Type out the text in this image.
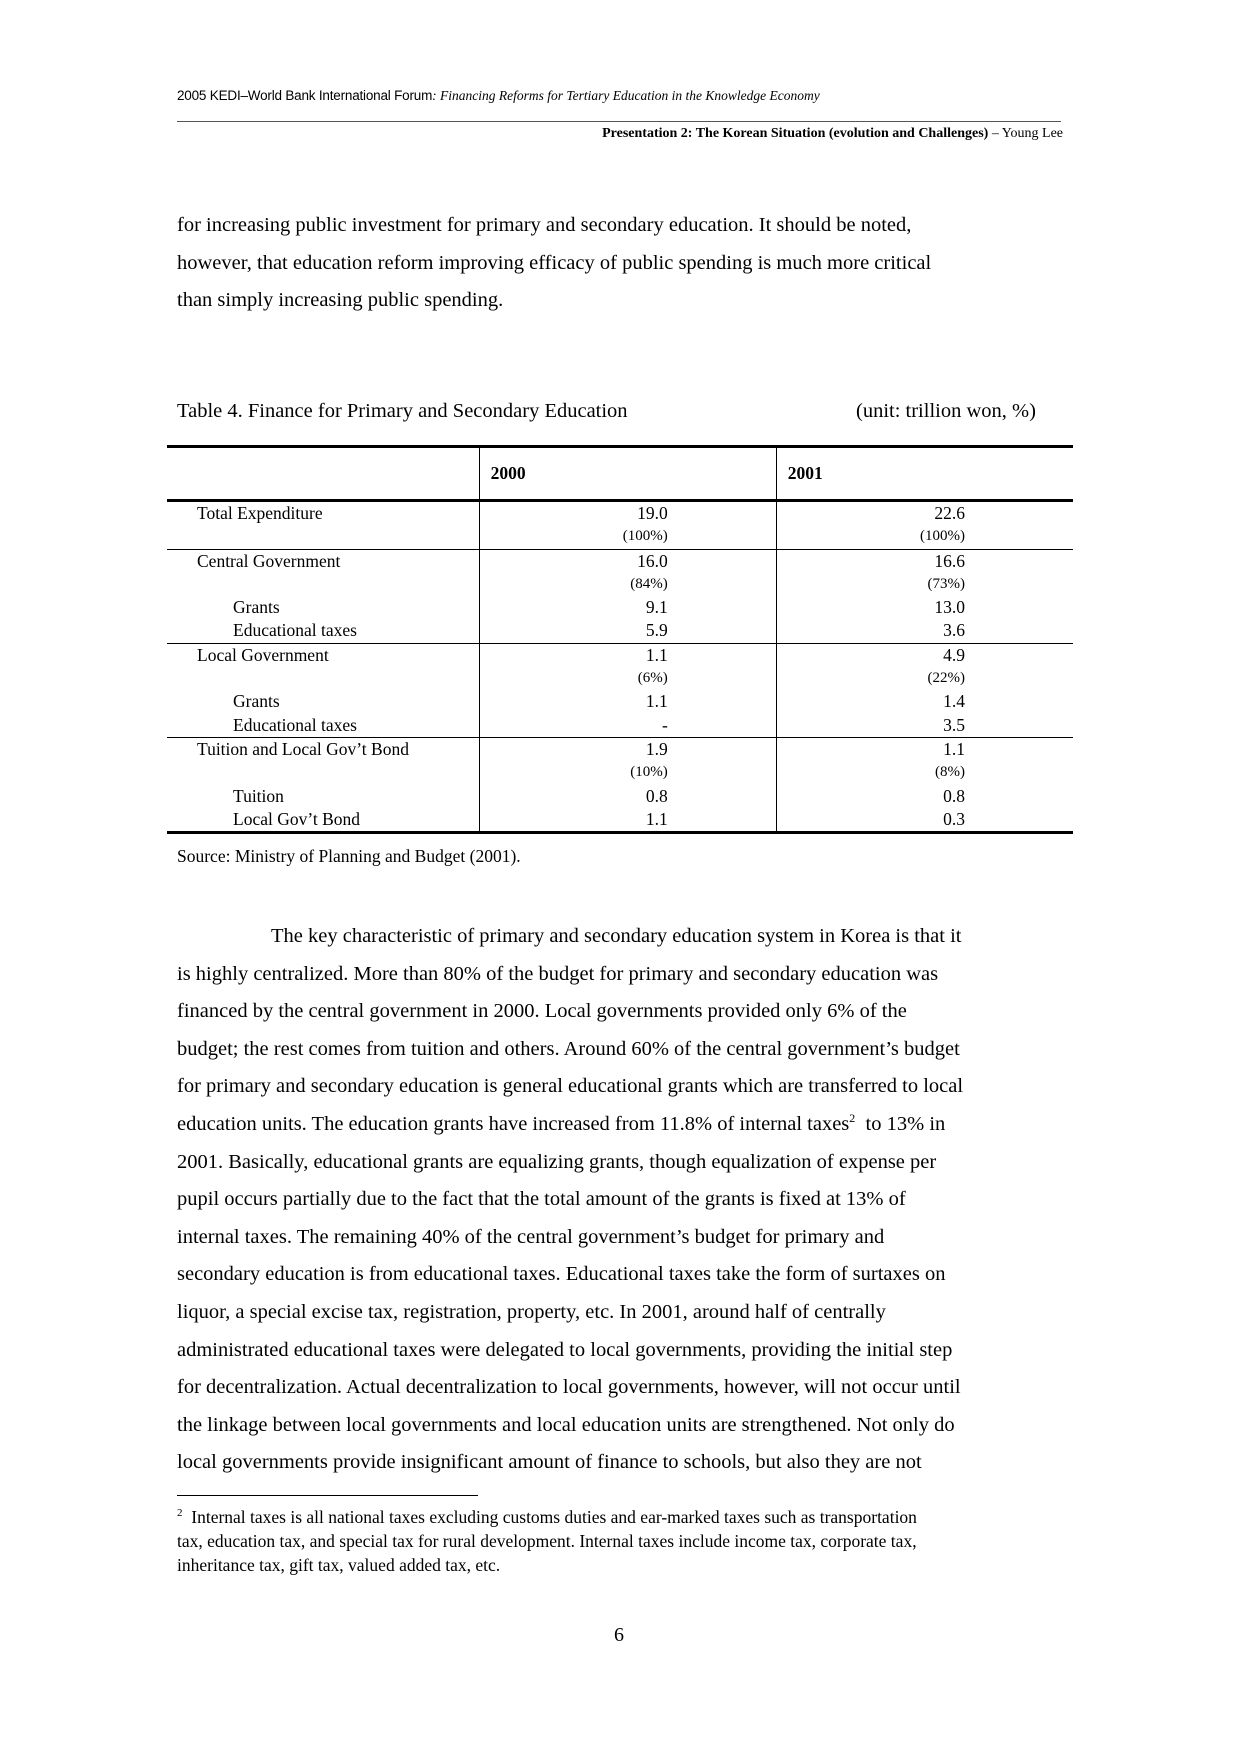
2005 KEDI–World Bank International Forum: Financing Reforms for Tertiary Education in the Knowledge Economy
Presentation 2: The Korean Situation (evolution and Challenges) – Young Lee
for increasing public investment for primary and secondary education. It should be noted,
however, that education reform improving efficacy of public spending is much more critical
than simply increasing public spending.
Table 4. Finance for Primary and Secondary Education	(unit: trillion won, %)
	2000	2001
Total Expenditure	19.0	22.6
	(100%)	(100%)
Central Government	16.0	16.6
	(84%)	(73%)
Grants	9.1	13.0
Educational taxes	5.9	3.6
Local Government	1.1	4.9
	(6%)	(22%)
Grants	1.1	1.4
Educational taxes	-	3.5
Tuition and Local Gov’t Bond	1.9	1.1
	(10%)	(8%)
Tuition	0.8	0.8
Local Gov’t Bond	1.1	0.3
Source: Ministry of Planning and Budget (2001).
The key characteristic of primary and secondary education system in Korea is that it
is highly centralized. More than 80% of the budget for primary and secondary education was
financed by the central government in 2000. Local governments provided only 6% of the
budget; the rest comes from tuition and others. Around 60% of the central government’s budget
for primary and secondary education is general educational grants which are transferred to local
education units. The education grants have increased from 11.8% of internal taxes$^2$  to 13% in
2001. Basically, educational grants are equalizing grants, though equalization of expense per
pupil occurs partially due to the fact that the total amount of the grants is fixed at 13% of
internal taxes. The remaining 40% of the central government’s budget for primary and
secondary education is from educational taxes. Educational taxes take the form of surtaxes on
liquor, a special excise tax, registration, property, etc. In 2001, around half of centrally
administrated educational taxes were delegated to local governments, providing the initial step
for decentralization. Actual decentralization to local governments, however, will not occur until
the linkage between local governments and local education units are strengthened. Not only do
local governments provide insignificant amount of finance to schools, but also they are not
$^2$  Internal taxes is all national taxes excluding customs duties and ear-marked taxes such as transportation
tax, education tax, and special tax for rural development. Internal taxes include income tax, corporate tax,
inheritance tax, gift tax, valued added tax, etc.
6
